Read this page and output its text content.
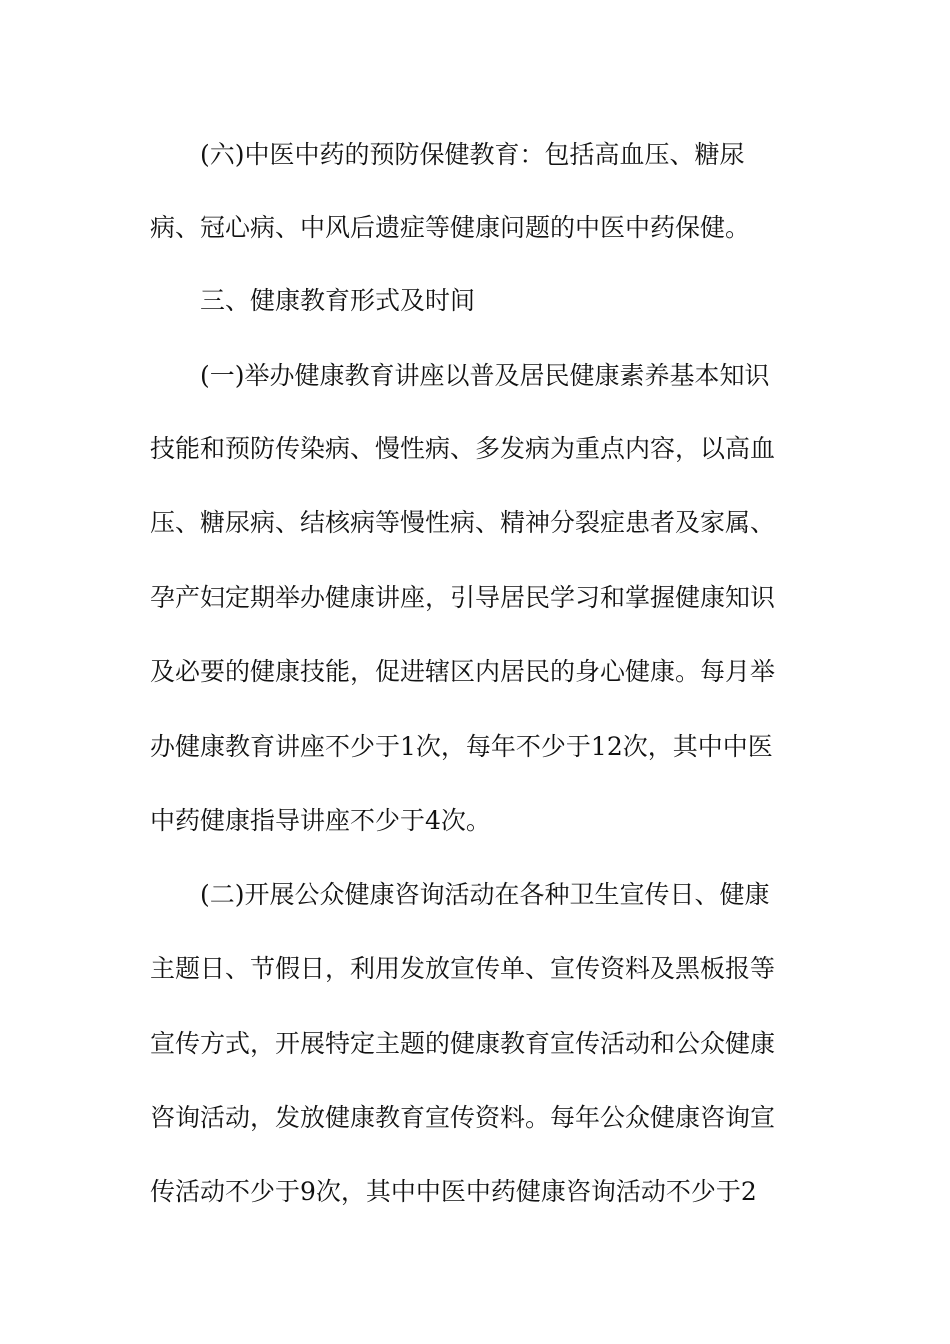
(六)中医中药的预防保健教育：包括高血压、糖尿
病、冠心病、中风后遗症等健康问题的中医中药保健。
三、健康教育形式及时间
(一)举办健康教育讲座以普及居民健康素养基本知识
技能和预防传染病、慢性病、多发病为重点内容，以高血
压、糖尿病、结核病等慢性病、精神分裂症患者及家属、
孕产妇定期举办健康讲座，引导居民学习和掌握健康知识
及必要的健康技能，促进辖区内居民的身心健康。每月举
办健康教育讲座不少于1次，每年不少于12次，其中中医
中药健康指导讲座不少于4次。
(二)开展公众健康咨询活动在各种卫生宣传日、健康
主题日、节假日，利用发放宣传单、宣传资料及黑板报等
宣传方式，开展特定主题的健康教育宣传活动和公众健康
咨询活动，发放健康教育宣传资料。每年公众健康咨询宣
传活动不少于9次，其中中医中药健康咨询活动不少于2
